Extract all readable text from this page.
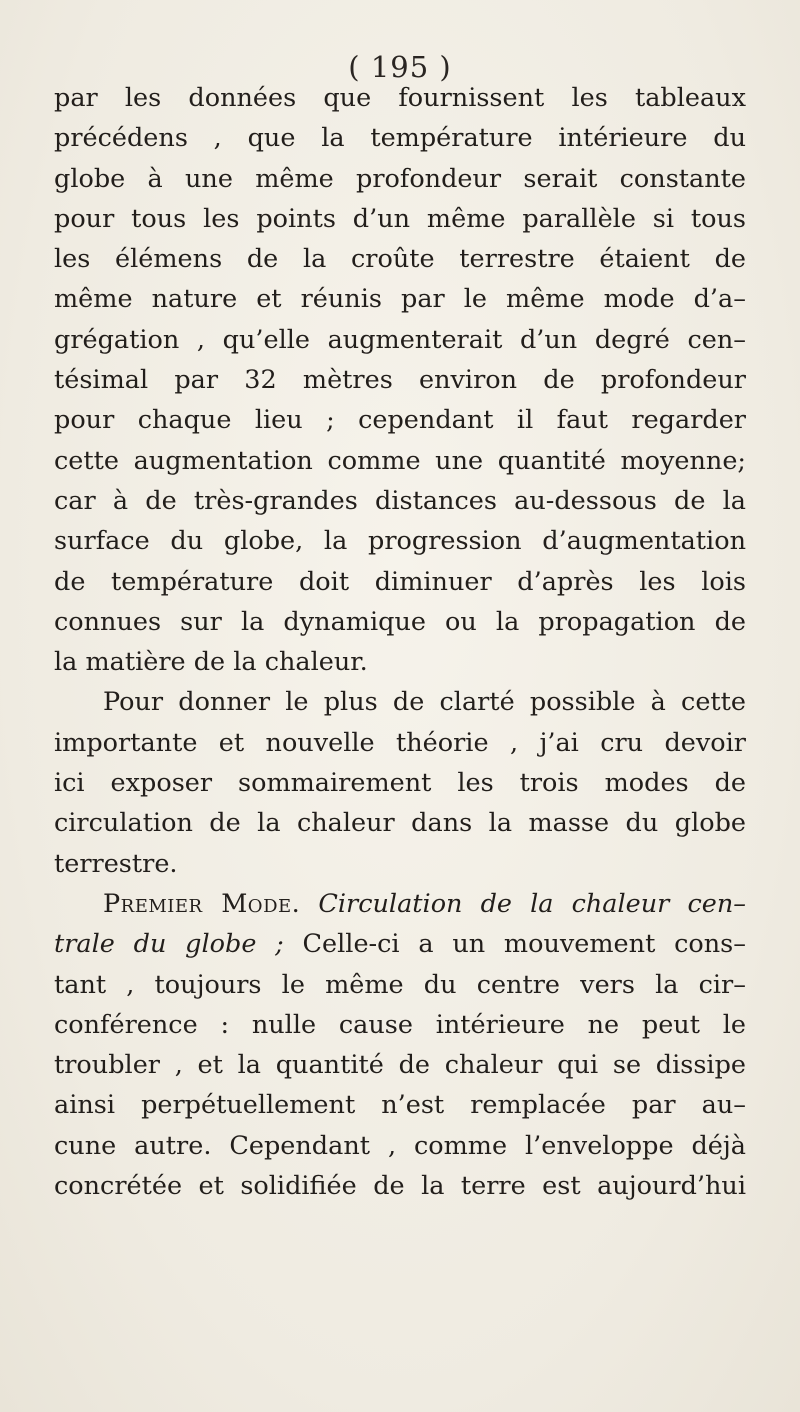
( 195 )
par les données que fournissent les tableaux
précédens , que la température intérieure du
globe à une même profondeur serait constante
pour tous les points d’un même parallèle si tous
les élémens de la croûte terrestre étaient de
même nature et réunis par le même mode d’a–
grégation , qu’elle augmenterait d’un degré cen–
tésimal par 32 mètres environ de profondeur
pour chaque lieu ; cependant il faut regarder
cette augmentation comme une quantité moyenne;
car à de très-grandes distances au-dessous de la
surface du globe, la progression d’augmentation
de température doit diminuer d’après les lois
connues sur la dynamique ou la propagation de
la matière de la chaleur.
Pour donner le plus de clarté possible à cette
importante et nouvelle théorie , j’ai cru devoir
ici exposer sommairement les trois modes de
circulation de la chaleur dans la masse du globe
terrestre.
Premier Mode. Circulation de la chaleur cen–
trale du globe ; Celle-ci a un mouvement cons–
tant , toujours le même du centre vers la cir–
conférence : nulle cause intérieure ne peut le
troubler , et la quantité de chaleur qui se dissipe
ainsi perpétuellement n’est remplacée par au–
cune autre. Cependant , comme l’enveloppe déjà
concrétée et solidifiée de la terre est aujourd’hui
